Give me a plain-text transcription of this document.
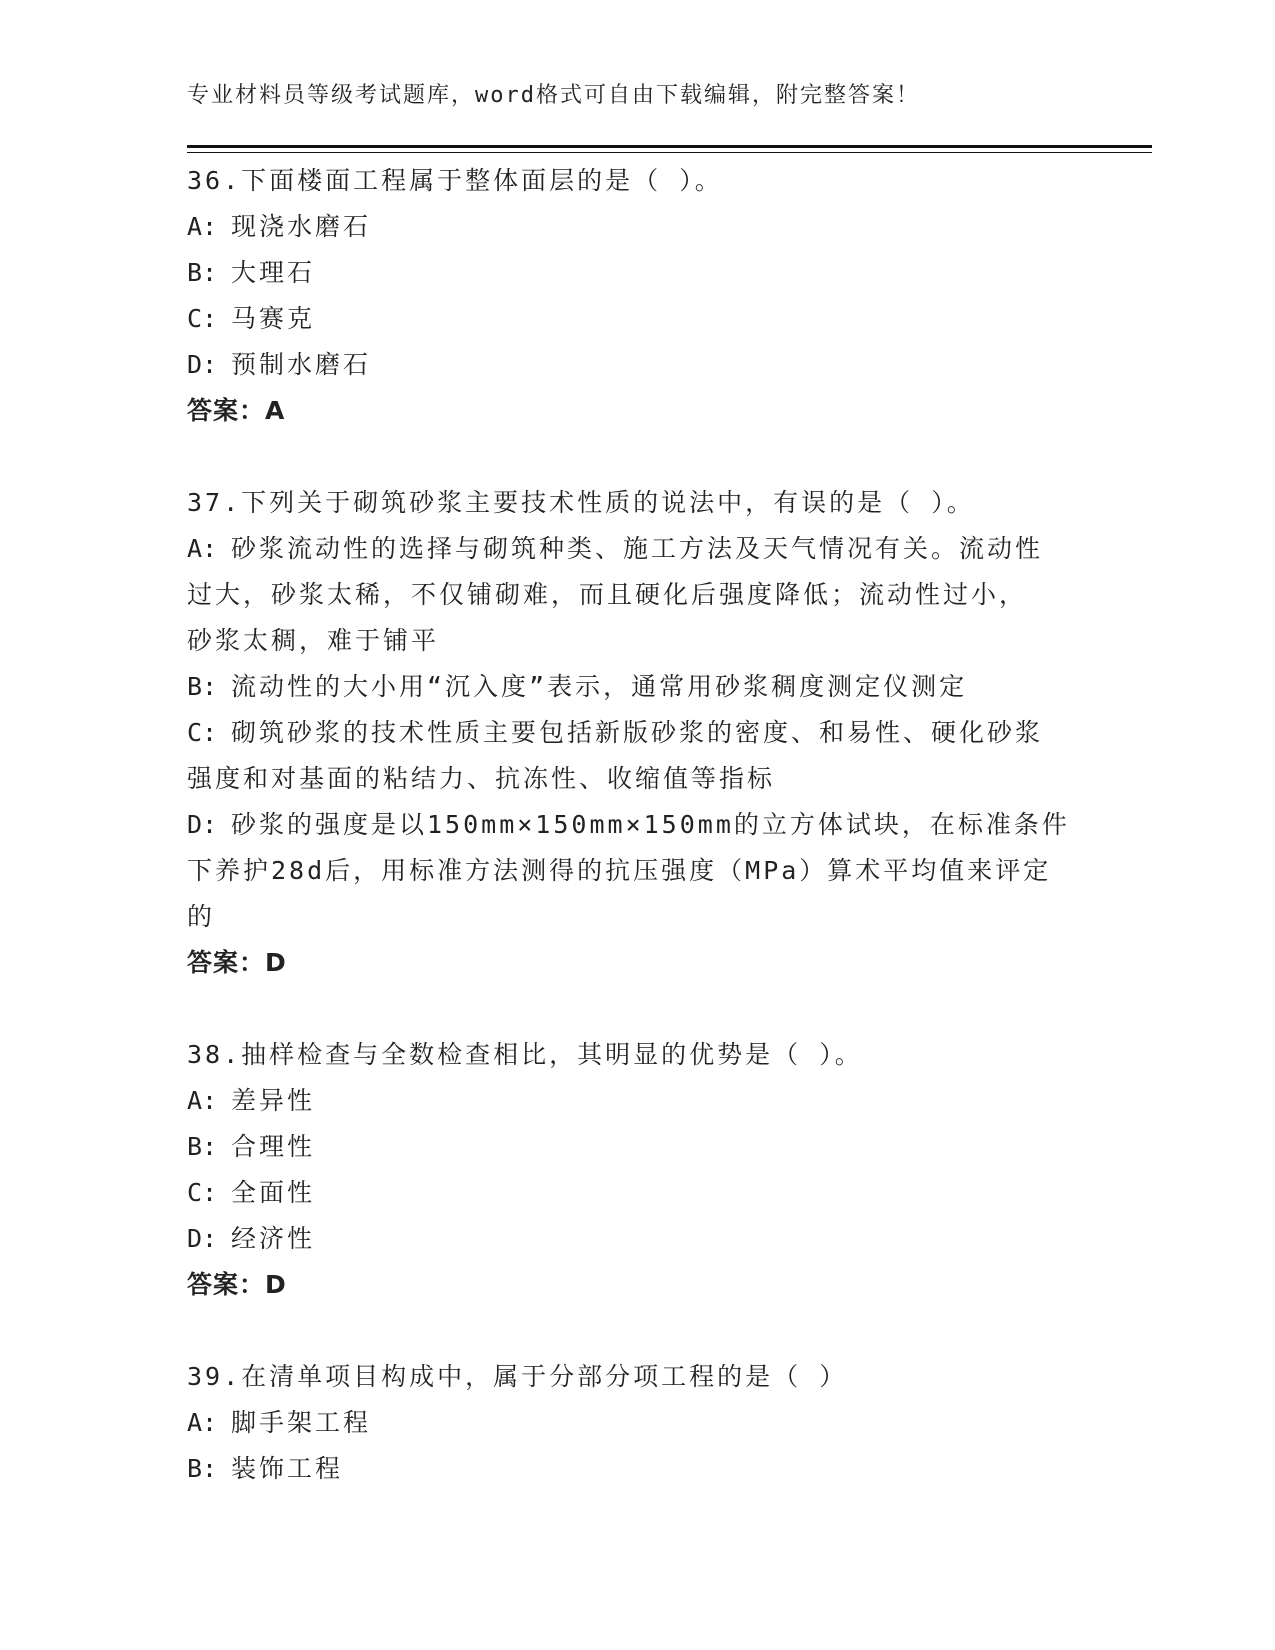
专业材料员等级考试题库，word格式可自由下载编辑，附完整答案！
36.下面楼面工程属于整体面层的是（ ）。
A: 现浇水磨石
B: 大理石
C: 马赛克
D: 预制水磨石
答案：A
37.下列关于砌筑砂浆主要技术性质的说法中，有误的是（ ）。
A: 砂浆流动性的选择与砌筑种类、施工方法及天气情况有关。流动性
过大，砂浆太稀，不仅铺砌难，而且硬化后强度降低；流动性过小，
砂浆太稠，难于铺平
B: 流动性的大小用“沉入度”表示，通常用砂浆稠度测定仪测定
C: 砌筑砂浆的技术性质主要包括新版砂浆的密度、和易性、硬化砂浆
强度和对基面的粘结力、抗冻性、收缩值等指标
D: 砂浆的强度是以150mm×150mm×150mm的立方体试块，在标准条件
下养护28d后，用标准方法测得的抗压强度（MPa）算术平均值来评定
的
答案：D
38.抽样检查与全数检查相比，其明显的优势是（ ）。
A: 差异性
B: 合理性
C: 全面性
D: 经济性
答案：D
39.在清单项目构成中，属于分部分项工程的是（ ）
A: 脚手架工程
B: 装饰工程
